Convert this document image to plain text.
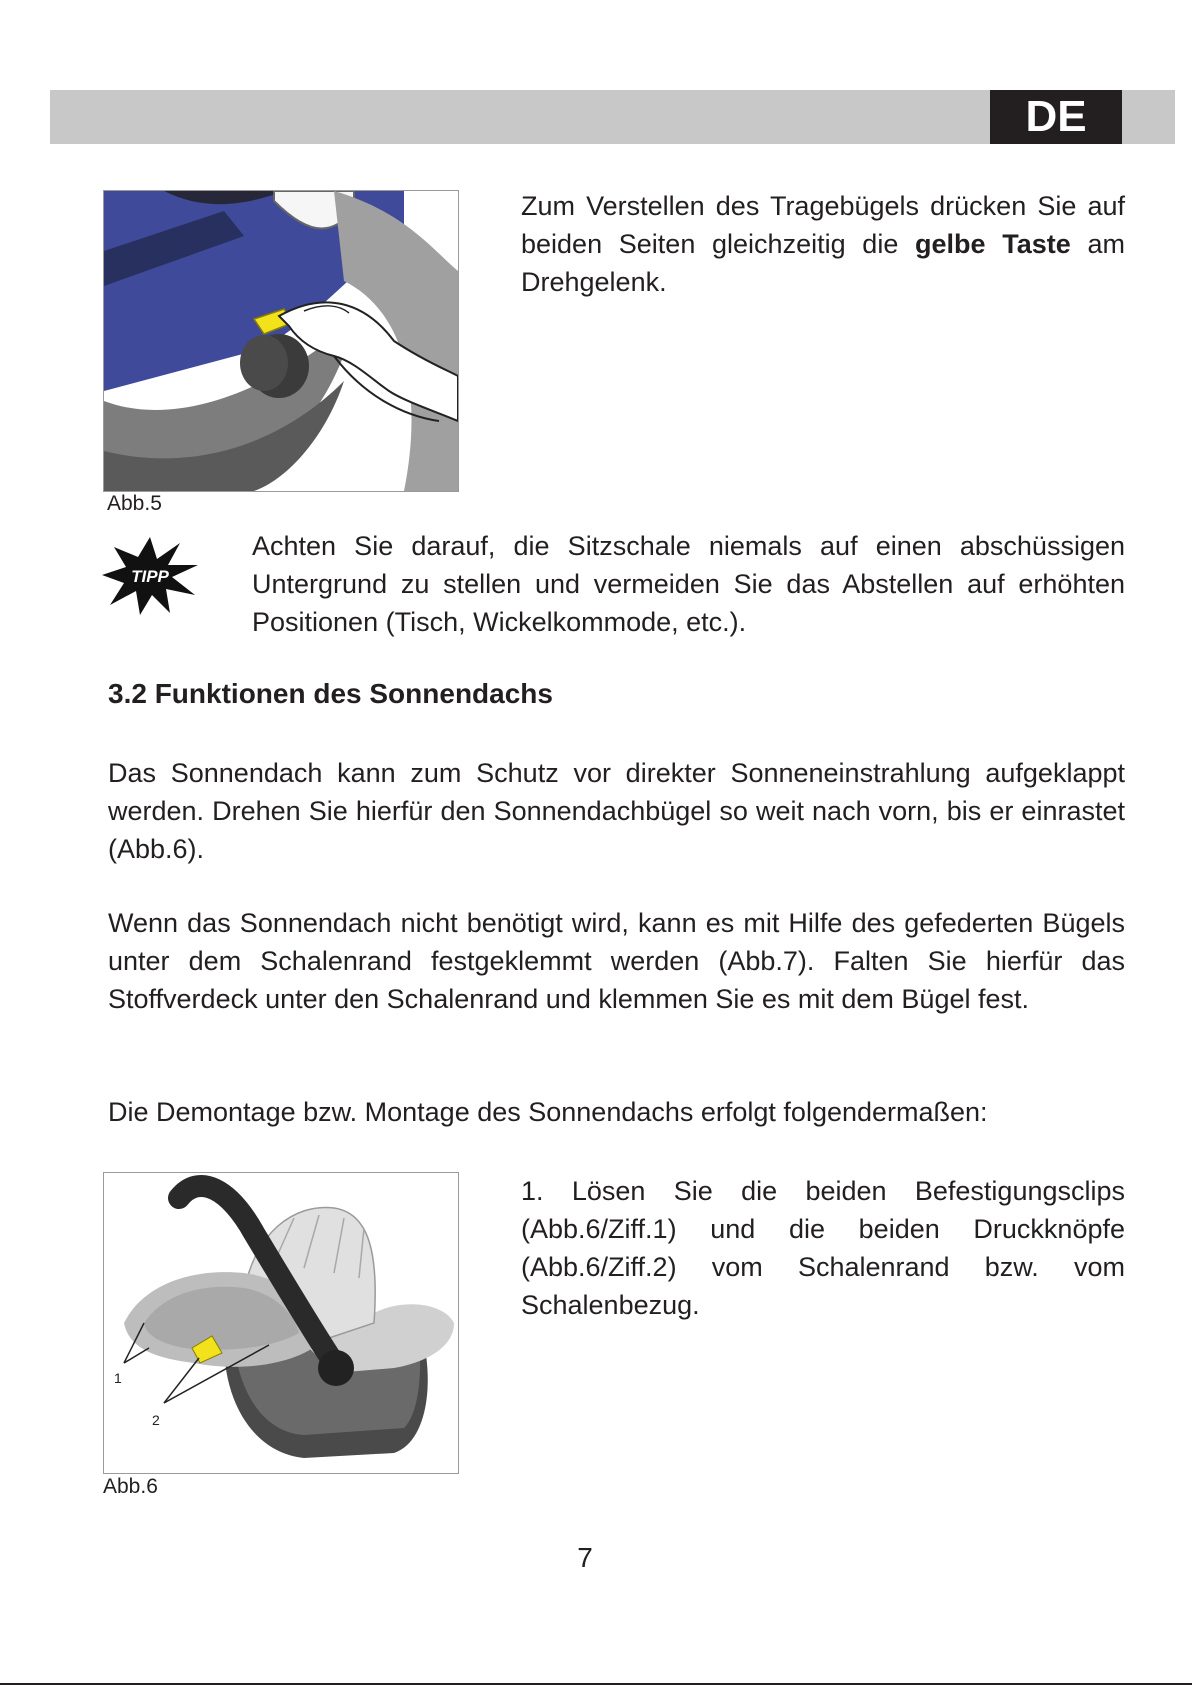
DE
Abb.5
Zum Verstellen des Tragebügels drücken Sie auf beiden Seiten gleichzeitig die gelbe Taste am Drehgelenk.
TIPP
Achten Sie darauf, die Sitzschale niemals auf einen abschüssigen Untergrund zu stellen und vermeiden Sie das Abstellen auf erhöhten Positionen (Tisch, Wickelkommode, etc.).
3.2 Funktionen des Sonnendachs
Das Sonnendach kann zum Schutz vor direkter Sonneneinstrahlung aufgeklappt werden. Drehen Sie hierfür den Sonnendachbügel so weit nach vorn, bis er einrastet (Abb.6).
Wenn das Sonnendach nicht benötigt wird, kann es mit Hilfe des gefederten Bügels unter dem Schalenrand festgeklemmt werden (Abb.7). Falten Sie hierfür das Stoffverdeck unter den Schalenrand und klemmen Sie es mit dem Bügel fest.
Die Demontage bzw. Montage des Sonnendachs erfolgt folgendermaßen:
1
2
Abb.6
1. Lösen Sie die beiden Befestigungsclips (Abb.6/Ziff.1) und die beiden Druckknöpfe (Abb.6/Ziff.2) vom Schalenrand bzw. vom Schalenbezug.
7
